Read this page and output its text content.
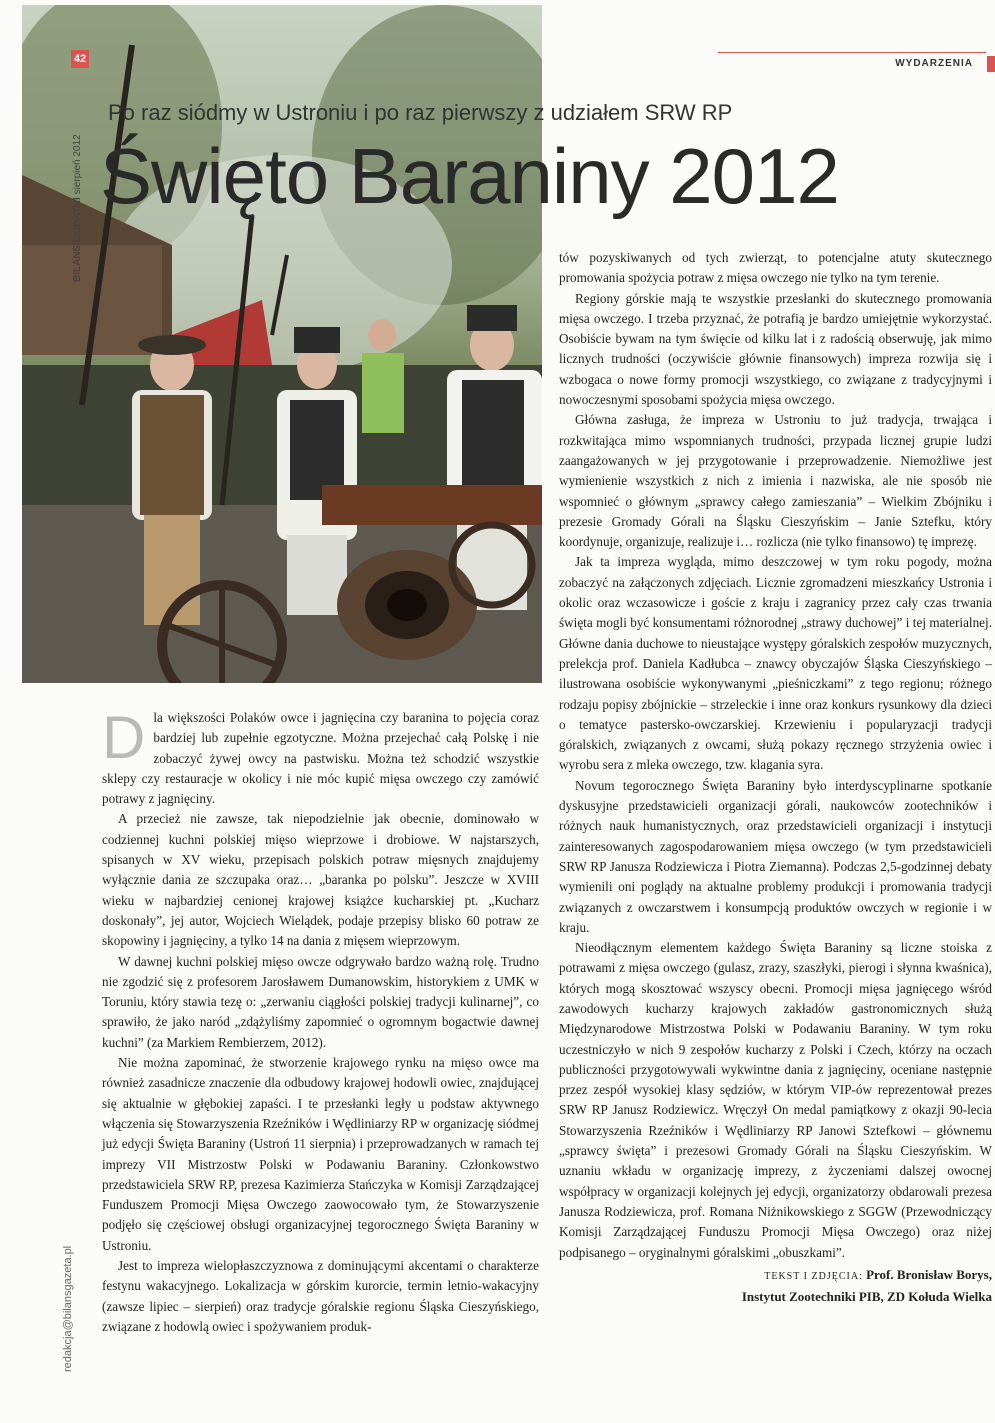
WYDARZENIA
42
BILANS DODATNI sierpień 2012
redakcja@bilansgazeta.pl
Po raz siódmy w Ustroniu i po raz pierwszy z udziałem SRW RP
Święto Baraniny 2012

Dla większości Polaków owce i jagnięcina czy baranina to pojęcia coraz bardziej lub zupełnie egzotyczne. Można przejechać całą Polskę i nie zobaczyć żywej owcy na pastwisku. Można też schodzić wszystkie sklepy czy restauracje w okolicy i nie móc kupić mięsa owczego czy zamówić potrawy z jagnięciny.

A przecież nie zawsze, tak niepodzielnie jak obecnie, dominowało w codziennej kuchni polskiej mięso wieprzowe i drobiowe. W najstarszych, spisanych w XV wieku, przepisach polskich potraw mięsnych znajdujemy wyłącznie dania ze szczupaka oraz… „baranka po polsku”. Jeszcze w XVIII wieku w najbardziej cenionej krajowej książce kucharskiej pt. „Kucharz doskonały”, jej autor, Wojciech Wielądek, podaje przepisy blisko 60 potraw ze skopowiny i jagnięciny, a tylko 14 na dania z mięsem wieprzowym.

W dawnej kuchni polskiej mięso owcze odgrywało bardzo ważną rolę. Trudno nie zgodzić się z profesorem Jarosławem Dumanowskim, historykiem z UMK w Toruniu, który stawia tezę o: „zerwaniu ciągłości polskiej tradycji kulinarnej”, co sprawiło, że jako naród „zdążyliśmy zapomnieć o ogromnym bogactwie dawnej kuchni” (za Markiem Rembierzem, 2012).

Nie można zapominać, że stworzenie krajowego rynku na mięso owce ma również zasadnicze znaczenie dla odbudowy krajowej hodowli owiec, znajdującej się aktualnie w głębokiej zapaści. I te przesłanki legły u podstaw aktywnego włączenia się Stowarzyszenia Rzeźników i Wędliniarzy RP w organizację siódmej już edycji Święta Baraniny (Ustroń 11 sierpnia) i przeprowadzanych w ramach tej imprezy VII Mistrzostw Polski w Podawaniu Baraniny. Członkowstwo przedstawiciela SRW RP, prezesa Kazimierza Stańczyka w Komisji Zarządzającej Funduszem Promocji Mięsa Owczego zaowocowało tym, że Stowarzyszenie podjęło się częściowej obsługi organizacyjnej tegorocznego Święta Baraniny w Ustroniu.

Jest to impreza wielopłaszczyznowa z dominującymi akcentami o charakterze festynu wakacyjnego. Lokalizacja w górskim kurorcie, termin letnio-wakacyjny (zawsze lipiec – sierpień) oraz tradycje góralskie regionu Śląska Cieszyńskiego, związane z hodowlą owiec i spożywaniem produk-

tów pozyskiwanych od tych zwierząt, to potencjalne atuty skutecznego promowania spożycia potraw z mięsa owczego nie tylko na tym terenie.

Regiony górskie mają te wszystkie przesłanki do skutecznego promowania mięsa owczego. I trzeba przyznać, że potrafią je bardzo umiejętnie wykorzystać. Osobiście bywam na tym święcie od kilku lat i z radością obserwuję, jak mimo licznych trudności (oczywiście głównie finansowych) impreza rozwija się i wzbogaca o nowe formy promocji wszystkiego, co związane z tradycyjnymi i nowoczesnymi sposobami spożycia mięsa owczego.

Główna zasługa, że impreza w Ustroniu to już tradycja, trwająca i rozkwitająca mimo wspomnianych trudności, przypada licznej grupie ludzi zaangażowanych w jej przygotowanie i przeprowadzenie. Niemożliwe jest wymienienie wszystkich z nich z imienia i nazwiska, ale nie sposób nie wspomnieć o głównym „sprawcy całego zamieszania” – Wielkim Zbójniku i prezesie Gromady Górali na Śląsku Cieszyńskim – Janie Sztefku, który koordynuje, organizuje, realizuje i… rozlicza (nie tylko finansowo) tę imprezę.

Jak ta impreza wygląda, mimo deszczowej w tym roku pogody, można zobaczyć na załączonych zdjęciach. Licznie zgromadzeni mieszkańcy Ustronia i okolic oraz wczasowicze i goście z kraju i zagranicy przez cały czas trwania święta mogli być konsumentami różnorodnej „strawy duchowej” i tej materialnej. Główne dania duchowe to nieustające występy góralskich zespołów muzycznych, prelekcja prof. Daniela Kadłubca – znawcy obyczajów Śląska Cieszyńskiego – ilustrowana osobiście wykonywanymi „pieśniczkami” z tego regionu; różnego rodzaju popisy zbójnickie – strzeleckie i inne oraz konkurs rysunkowy dla dzieci o tematyce pastersko-owczarskiej. Krzewieniu i popularyzacji tradycji góralskich, związanych z owcami, służą pokazy ręcznego strzyżenia owiec i wyrobu sera z mleka owczego, tzw. klagania syra.

Novum tegorocznego Święta Baraniny było interdyscyplinarne spotkanie dyskusyjne przedstawicieli organizacji górali, naukowców zootechników i różnych nauk humanistycznych, oraz przedstawicieli organizacji i instytucji zainteresowanych zagospodarowaniem mięsa owczego (w tym przedstawicieli SRW RP Janusza Rodziewicza i Piotra Ziemanna). Podczas 2,5-godzinnej debaty wymienili oni poglądy na aktualne problemy produkcji i promowania tradycji związanych z owczarstwem i konsumpcją produktów owczych w regionie i w kraju.

Nieodłącznym elementem każdego Święta Baraniny są liczne stoiska z potrawami z mięsa owczego (gulasz, zrazy, szaszłyki, pierogi i słynna kwaśnica), których mogą skosztować wszyscy obecni. Promocji mięsa jagnięcego wśród zawodowych kucharzy krajowych zakładów gastronomicznych służą Międzynarodowe Mistrzostwa Polski w Podawaniu Baraniny. W tym roku uczestniczyło w nich 9 zespołów kucharzy z Polski i Czech, którzy na oczach publiczności przygotowywali wykwintne dania z jagnięciny, oceniane następnie przez zespół wysokiej klasy sędziów, w którym VIP-ów reprezentował prezes SRW RP Janusz Rodziewicz. Wręczył On medal pamiątkowy z okazji 90-lecia Stowarzyszenia Rzeźników i Wędliniarzy RP Janowi Sztefkowi – głównemu „sprawcy święta” i prezesowi Gromady Górali na Śląsku Cieszyńskim. W uznaniu wkładu w organizację imprezy, z życzeniami dalszej owocnej współpracy w organizacji kolejnych jej edycji, organizatorzy obdarowali prezesa Janusza Rodziewicza, prof. Romana Niżnikowskiego z SGGW (Przewodniczący Komisji Zarządzającej Funduszu Promocji Mięsa Owczego) oraz niżej podpisanego – oryginalnymi góralskimi „obuszkami”.

TEKST I ZDJĘCIA: Prof. Bronisław Borys,
Instytut Zootechniki PIB, ZD Kołuda Wielka
